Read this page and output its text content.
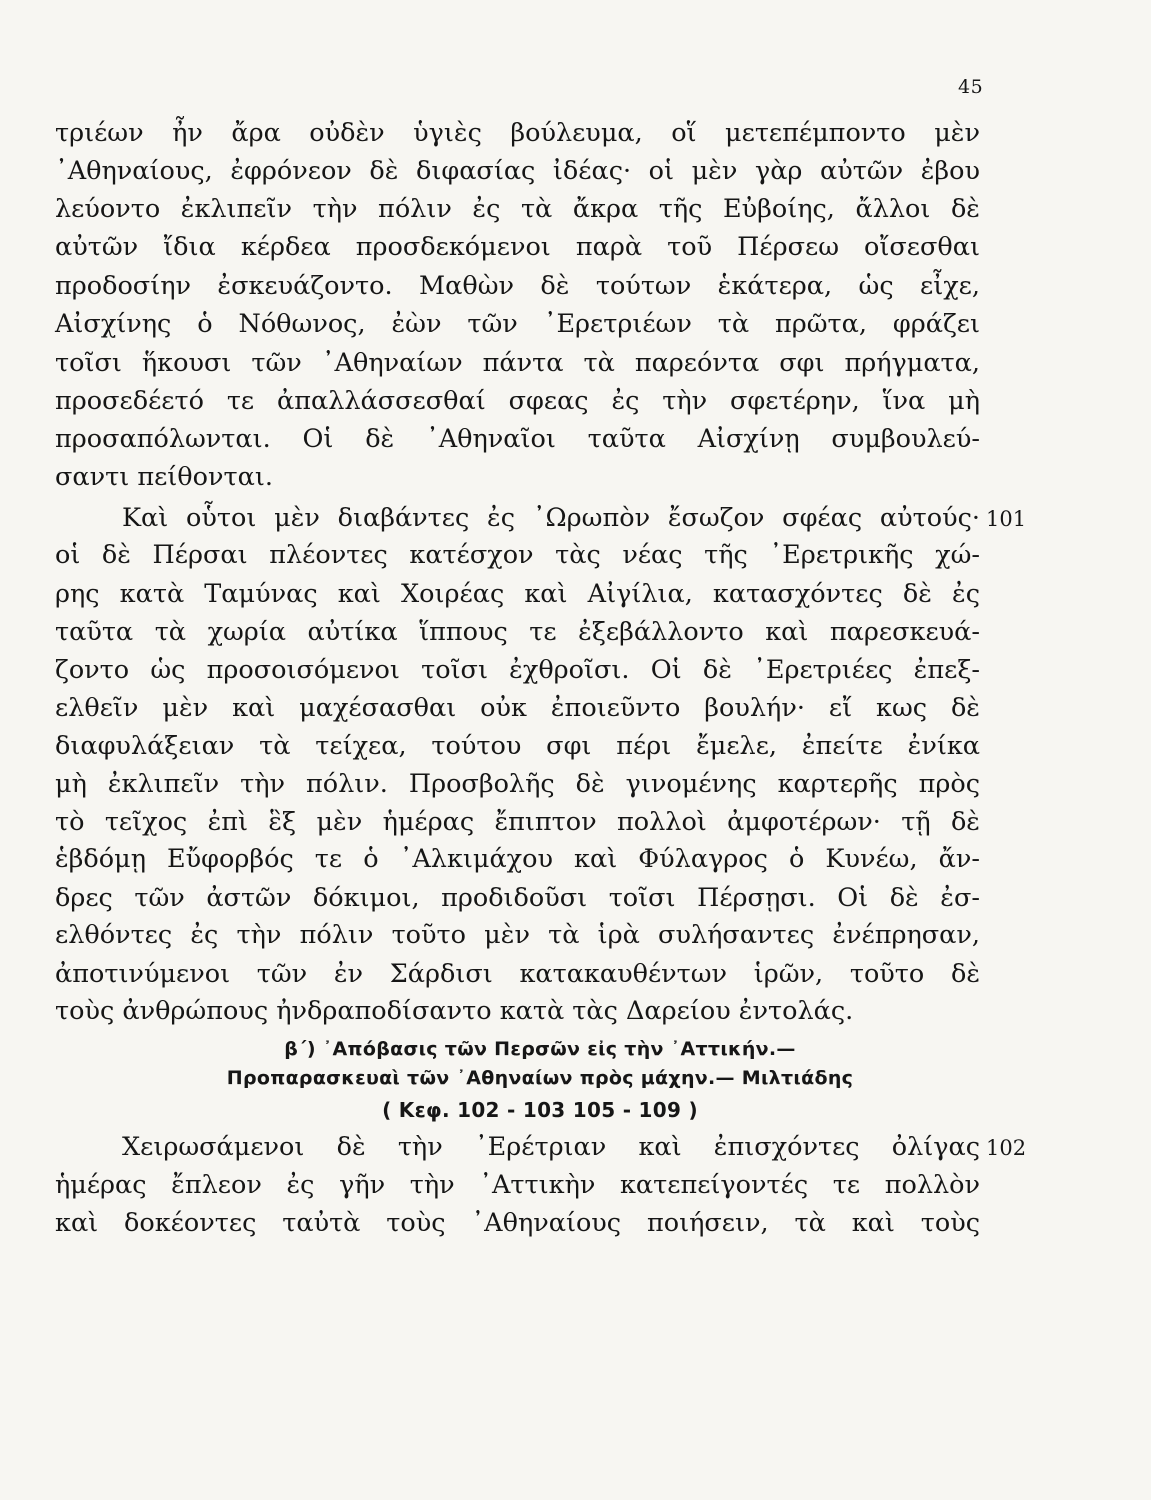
45
τριέων ἦν ἄρα οὐδὲν ὑγιὲς βούλευμα, οἵ μετεπέμποντο μὲν
᾿Αθηναίους, ἐφρόνεον δὲ διφασίας ἰδέας· οἱ μὲν γὰρ αὐτῶν ἐβου
λεύοντο ἐκλιπεῖν τὴν πόλιν ἐς τὰ ἄκρα τῆς Εὐβοίης, ἄλλοι δὲ
αὐτῶν ἴδια κέρδεα προσδεκόμενοι παρὰ τοῦ Πέρσεω οἴσεσθαι
προδοσίην ἐσκευάζοντο. Μαθὼν δὲ τούτων ἑκάτερα, ὡς εἶχε,
Αἰσχίνης ὁ Νόθωνος, ἐὼν τῶν ᾿Ερετριέων τὰ πρῶτα, φράζει
τοῖσι ἥκουσι τῶν ᾿Αθηναίων πάντα τὰ παρεόντα σφι πρήγματα,
προσεδέετό τε ἀπαλλάσσεσθαί σφεας ἐς τὴν σφετέρην, ἵνα μὴ
προσαπόλωνται. Οἱ δὲ ᾿Αθηναῖοι ταῦτα Αἰσχίνῃ συμβουλεύ-
σαντι πείθονται.
Καὶ οὗτοι μὲν διαβάντες ἐς ᾿Ωρωπὸν ἔσωζον σφέας αὐτούς· 101
οἱ δὲ Πέρσαι πλέοντες κατέσχον τὰς νέας τῆς ᾿Ερετρικῆς χώ-
ρης κατὰ Ταμύνας καὶ Χοιρέας καὶ Αἰγίλια, κατασχόντες δὲ ἐς
ταῦτα τὰ χωρία αὐτίκα ἵππους τε ἐξεβάλλοντο καὶ παρεσκευά-
ζοντο ὡς προσοισόμενοι τοῖσι ἐχθροῖσι. Οἱ δὲ ᾿Ερετριέες ἐπεξ-
ελθεῖν μὲν καὶ μαχέσασθαι οὐκ ἐποιεῦντο βουλήν· εἴ κως δὲ
διαφυλάξειαν τὰ τείχεα, τούτου σφι πέρι ἔμελε, ἐπείτε ἐνίκα
μὴ ἐκλιπεῖν τὴν πόλιν. Προσβολῆς δὲ γινομένης καρτερῆς πρὸς
τὸ τεῖχος ἐπὶ ἓξ μὲν ἡμέρας ἔπιπτον πολλοὶ ἀμφοτέρων· τῇ δὲ
ἑβδόμῃ Εὔφορβός τε ὁ ᾿Αλκιμάχου καὶ Φύλαγρος ὁ Κυνέω, ἄν-
δρες τῶν ἀστῶν δόκιμοι, προδιδοῦσι τοῖσι Πέρσῃσι. Οἱ δὲ ἐσ-
ελθόντες ἐς τὴν πόλιν τοῦτο μὲν τὰ ἱρὰ συλήσαντες ἐνέπρησαν,
ἀποτινύμενοι τῶν ἐν Σάρδισι κατακαυθέντων ἱρῶν, τοῦτο δὲ
τοὺς ἀνθρώπους ἠνδραποδίσαντο κατὰ τὰς Δαρείου ἐντολάς.
β΄) ᾿Απόβασις τῶν Περσῶν εἰς τὴν ᾿Αττικήν.—
Προπαρασκευαὶ τῶν ᾿Αθηναίων πρὸς μάχην.— Μιλτιάδης
( Κεφ. 102 - 103 105 - 109 )
Χειρωσάμενοι δὲ τὴν ᾿Ερέτριαν καὶ ἐπισχόντες ὀλίγας 102
ἡμέρας ἔπλεον ἐς γῆν τὴν ᾿Αττικὴν κατεπείγοντές τε πολλὸν
καὶ δοκέοντες ταὐτὰ τοὺς ᾿Αθηναίους ποιήσειν, τὰ καὶ τοὺς
